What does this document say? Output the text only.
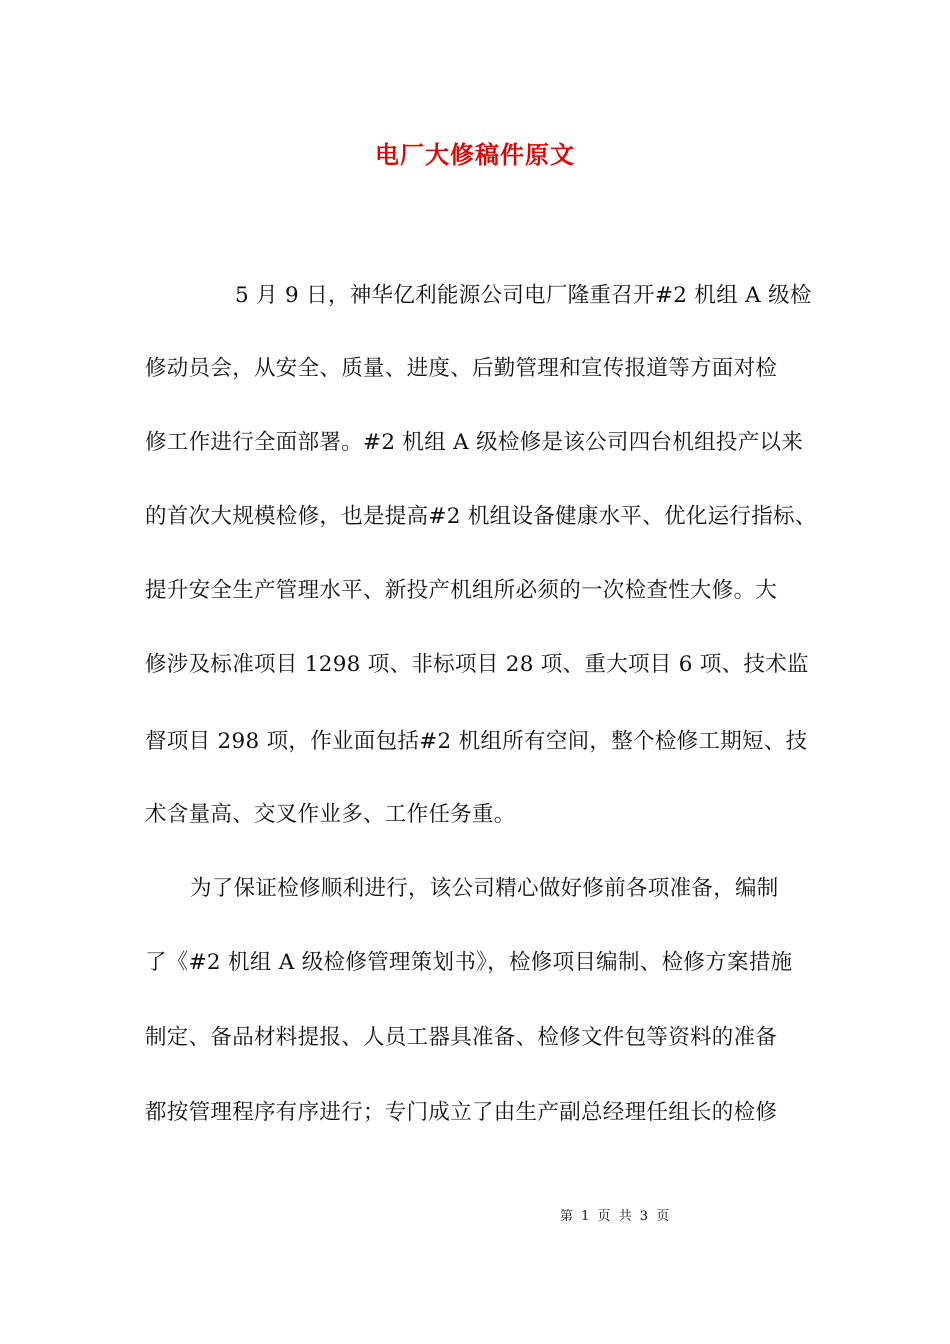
电厂大修稿件原文
5 月 9 日，神华亿利能源公司电厂隆重召开#2 机组 A 级检
修动员会，从安全、质量、进度、后勤管理和宣传报道等方面对检
修工作进行全面部署。#2 机组 A 级检修是该公司四台机组投产以来
的首次大规模检修，也是提高#2 机组设备健康水平、优化运行指标、
提升安全生产管理水平、新投产机组所必须的一次检查性大修。大
修涉及标准项目 1298 项、非标项目 28 项、重大项目 6 项、技术监
督项目 298 项，作业面包括#2 机组所有空间，整个检修工期短、技
术含量高、交叉作业多、工作任务重。
为了保证检修顺利进行，该公司精心做好修前各项准备，编制
了《#2 机组 A 级检修管理策划书》，检修项目编制、检修方案措施
制定、备品材料提报、人员工器具准备、检修文件包等资料的准备
都按管理程序有序进行；专门成立了由生产副总经理任组长的检修
第 1 页 共 3 页
